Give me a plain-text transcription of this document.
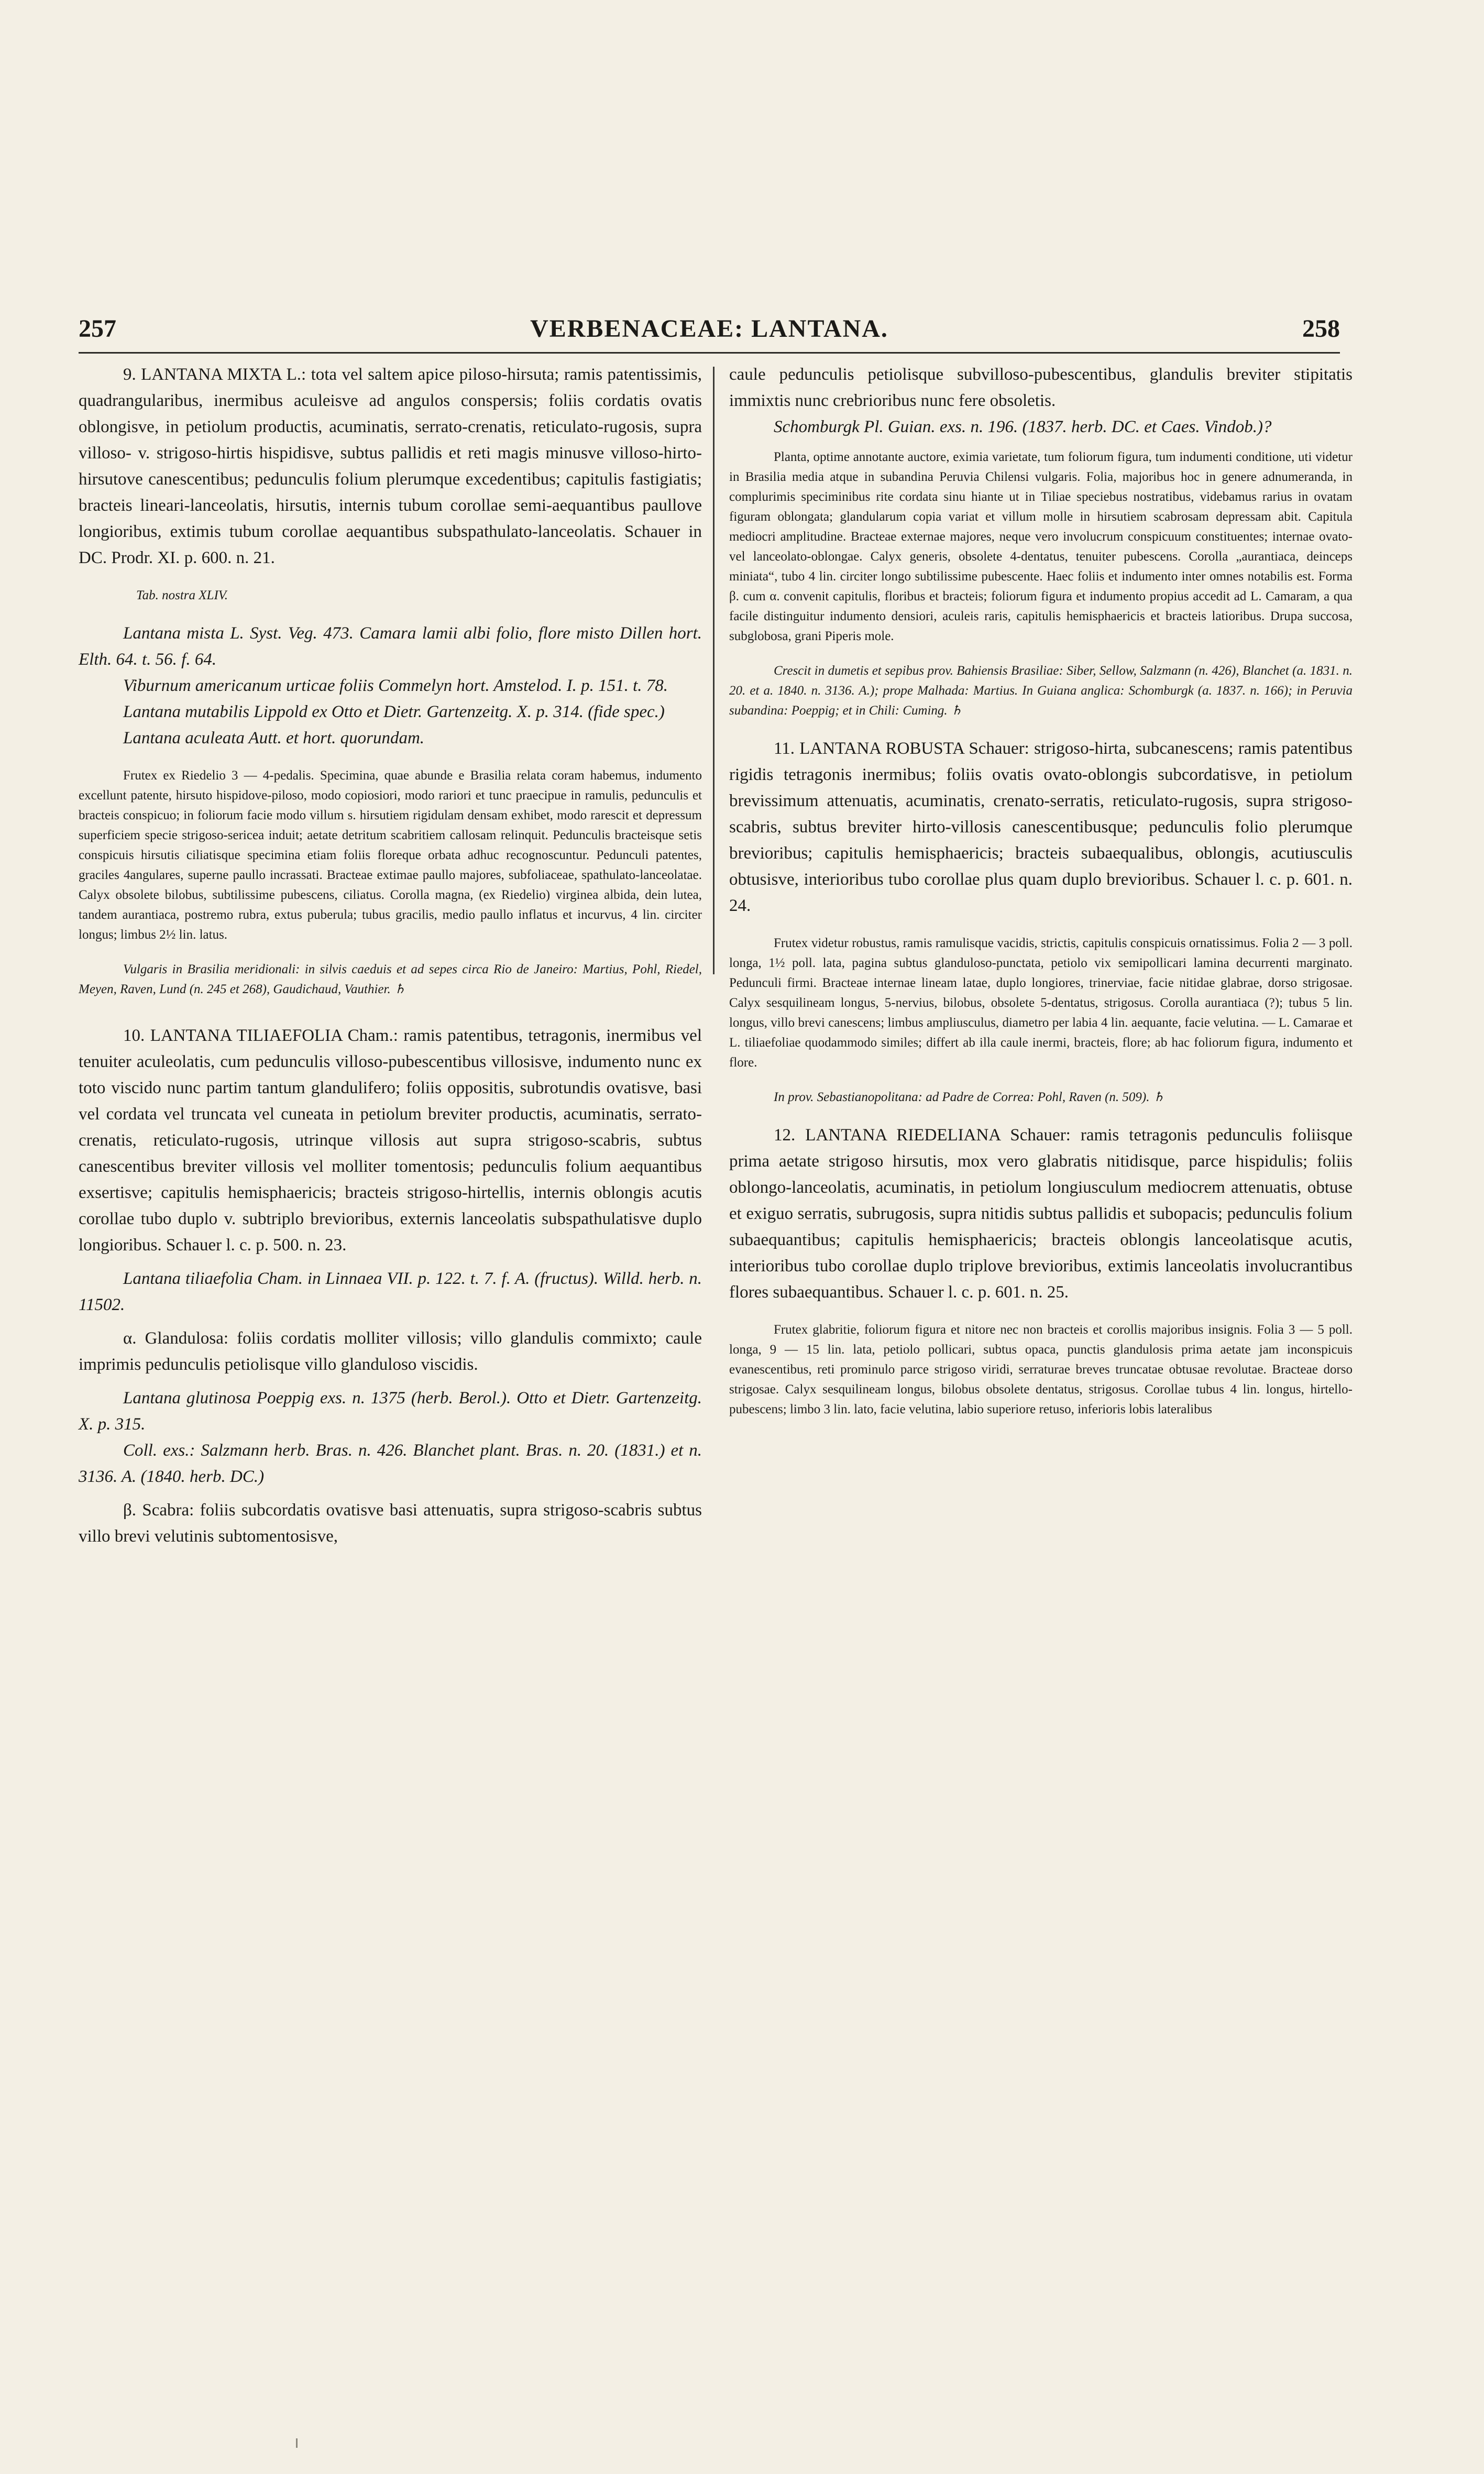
257	VERBENACEAE: LANTANA.	258

9. LANTANA MIXTA L.: tota vel saltem apice piloso-hirsuta; ramis patentissimis, quadrangularibus, inermibus aculeisve ad angulos conspersis; foliis cordatis ovatis oblongisve, in petiolum productis, acuminatis, serrato-crenatis, reticulato-rugosis, supra villoso- v. strigoso-hirtis hispidisve, subtus pallidis et reti magis minusve villoso-hirto-hirsutove canescentibus; pedunculis folium plerumque excedentibus; capitulis fastigiatis; bracteis lineari-lanceolatis, hirsutis, internis tubum corollae semi-aequantibus paullove longioribus, extimis tubum corollae aequantibus subspathulato-lanceolatis. Schauer in DC. Prodr. XI. p. 600. n. 21.

Tab. nostra XLIV.

Lantana mista L. Syst. Veg. 473. Camara lamii albi folio, flore misto Dillen hort. Elth. 64. t. 56. f. 64.

Viburnum americanum urticae foliis Commelyn hort. Amstelod. I. p. 151. t. 78.

Lantana mutabilis Lippold ex Otto et Dietr. Gartenzeitg. X. p. 314. (fide spec.)

Lantana aculeata Autt. et hort. quorundam.

Frutex ex Riedelio 3 — 4-pedalis. Specimina, quae abunde e Brasilia relata coram habemus, indumento excellunt patente, hirsuto hispidove-piloso, modo copiosiori, modo rariori et tunc praecipue in ramulis, pedunculis et bracteis conspicuo; in foliorum facie modo villum s. hirsutiem rigidulam densam exhibet, modo rarescit et depressum superficiem specie strigoso-sericea induit; aetate detritum scabritiem callosam relinquit. Pedunculis bracteisque setis conspicuis hirsutis ciliatisque specimina etiam foliis floreque orbata adhuc recognoscuntur. Pedunculi patentes, graciles 4angulares, superne paullo incrassati. Bracteae extimae paullo majores, subfoliaceae, spathulato-lanceolatae. Calyx obsolete bilobus, subtilissime pubescens, ciliatus. Corolla magna, (ex Riedelio) virginea albida, dein lutea, tandem aurantiaca, postremo rubra, extus puberula; tubus gracilis, medio paullo inflatus et incurvus, 4 lin. circiter longus; limbus 2½ lin. latus.

Vulgaris in Brasilia meridionali: in silvis caeduis et ad sepes circa Rio de Janeiro: Martius, Pohl, Riedel, Meyen, Raven, Lund (n. 245 et 268), Gaudichaud, Vauthier. ♄

10. LANTANA TILIAEFOLIA Cham.: ramis patentibus, tetragonis, inermibus vel tenuiter aculeolatis, cum pedunculis villoso-pubescentibus villosisve, indumento nunc ex toto viscido nunc partim tantum glandulifero; foliis oppositis, subrotundis ovatisve, basi vel cordata vel truncata vel cuneata in petiolum breviter productis, acuminatis, serrato-crenatis, reticulato-rugosis, utrinque villosis aut supra strigoso-scabris, subtus canescentibus breviter villosis vel molliter tomentosis; pedunculis folium aequantibus exsertisve; capitulis hemisphaericis; bracteis strigoso-hirtellis, internis oblongis acutis corollae tubo duplo v. subtriplo brevioribus, externis lanceolatis subspathulatisve duplo longioribus. Schauer l. c. p. 500. n. 23.

Lantana tiliaefolia Cham. in Linnaea VII. p. 122. t. 7. f. A. (fructus). Willd. herb. n. 11502.

α. Glandulosa: foliis cordatis molliter villosis; villo glandulis commixto; caule imprimis pedunculis petiolisque villo glanduloso viscidis.

Lantana glutinosa Poeppig exs. n. 1375 (herb. Berol.). Otto et Dietr. Gartenzeitg. X. p. 315.

Coll. exs.: Salzmann herb. Bras. n. 426. Blanchet plant. Bras. n. 20. (1831.) et n. 3136. A. (1840. herb. DC.)

β. Scabra: foliis subcordatis ovatisve basi attenuatis, supra strigoso-scabris subtus villo brevi velutinis subtomentosisve,

caule pedunculis petiolisque subvilloso-pubescentibus, glandulis breviter stipitatis immixtis nunc crebrioribus nunc fere obsoletis.

Schomburgk Pl. Guian. exs. n. 196. (1837. herb. DC. et Caes. Vindob.)?

Planta, optime annotante auctore, eximia varietate, tum foliorum figura, tum indumenti conditione, uti videtur in Brasilia media atque in subandina Peruvia Chilensi vulgaris. Folia, majoribus hoc in genere adnumeranda, in complurimis speciminibus rite cordata sinu hiante ut in Tiliae speciebus nostratibus, videbamus rarius in ovatam figuram oblongata; glandularum copia variat et villum molle in hirsutiem scabrosam depressam abit. Capitula mediocri amplitudine. Bracteae externae majores, neque vero involucrum conspicuum constituentes; internae ovato- vel lanceolato-oblongae. Calyx generis, obsolete 4-dentatus, tenuiter pubescens. Corolla „aurantiaca, deinceps miniata“, tubo 4 lin. circiter longo subtilissime pubescente. Haec foliis et indumento inter omnes notabilis est. Forma β. cum α. convenit capitulis, floribus et bracteis; foliorum figura et indumento propius accedit ad L. Camaram, a qua facile distinguitur indumento densiori, aculeis raris, capitulis hemisphaericis et bracteis latioribus. Drupa succosa, subglobosa, grani Piperis mole.

Crescit in dumetis et sepibus prov. Bahiensis Brasiliae: Siber, Sellow, Salzmann (n. 426), Blanchet (a. 1831. n. 20. et a. 1840. n. 3136. A.); prope Malhada: Martius. In Guiana anglica: Schomburgk (a. 1837. n. 166); in Peruvia subandina: Poeppig; et in Chili: Cuming. ♄

11. LANTANA ROBUSTA Schauer: strigoso-hirta, subcanescens; ramis patentibus rigidis tetragonis inermibus; foliis ovatis ovato-oblongis subcordatisve, in petiolum brevissimum attenuatis, acuminatis, crenato-serratis, reticulato-rugosis, supra strigoso-scabris, subtus breviter hirto-villosis canescentibusque; pedunculis folio plerumque brevioribus; capitulis hemisphaericis; bracteis subaequalibus, oblongis, acutiusculis obtusisve, interioribus tubo corollae plus quam duplo brevioribus. Schauer l. c. p. 601. n. 24.

Frutex videtur robustus, ramis ramulisque vacidis, strictis, capitulis conspicuis ornatissimus. Folia 2 — 3 poll. longa, 1½ poll. lata, pagina subtus glanduloso-punctata, petiolo vix semipollicari lamina decurrenti marginato. Pedunculi firmi. Bracteae internae lineam latae, duplo longiores, trinerviae, facie nitidae glabrae, dorso strigosae. Calyx sesquilineam longus, 5-nervius, bilobus, obsolete 5-dentatus, strigosus. Corolla aurantiaca (?); tubus 5 lin. longus, villo brevi canescens; limbus ampliusculus, diametro per labia 4 lin. aequante, facie velutina. — L. Camarae et L. tiliaefoliae quodammodo similes; differt ab illa caule inermi, bracteis, flore; ab hac foliorum figura, indumento et flore.

In prov. Sebastianopolitana: ad Padre de Correa: Pohl, Raven (n. 509). ♄

12. LANTANA RIEDELIANA Schauer: ramis tetragonis pedunculis foliisque prima aetate strigoso hirsutis, mox vero glabratis nitidisque, parce hispidulis; foliis oblongo-lanceolatis, acuminatis, in petiolum longiusculum mediocrem attenuatis, obtuse et exiguo serratis, subrugosis, supra nitidis subtus pallidis et subopacis; pedunculis folium subaequantibus; capitulis hemisphaericis; bracteis oblongis lanceolatisque acutis, interioribus tubo corollae duplo triplove brevioribus, extimis lanceolatis involucrantibus flores subaequantibus. Schauer l. c. p. 601. n. 25.

Frutex glabritie, foliorum figura et nitore nec non bracteis et corollis majoribus insignis. Folia 3 — 5 poll. longa, 9 — 15 lin. lata, petiolo pollicari, subtus opaca, punctis glandulosis prima aetate jam inconspicuis evanescentibus, reti prominulo parce strigoso viridi, serraturae breves truncatae obtusae revolutae. Bracteae dorso strigosae. Calyx sesquilineam longus, bilobus obsolete dentatus, strigosus. Corollae tubus 4 lin. longus, hirtello-pubescens; limbo 3 lin. lato, facie velutina, labio superiore retuso, inferioris lobis lateralibus
